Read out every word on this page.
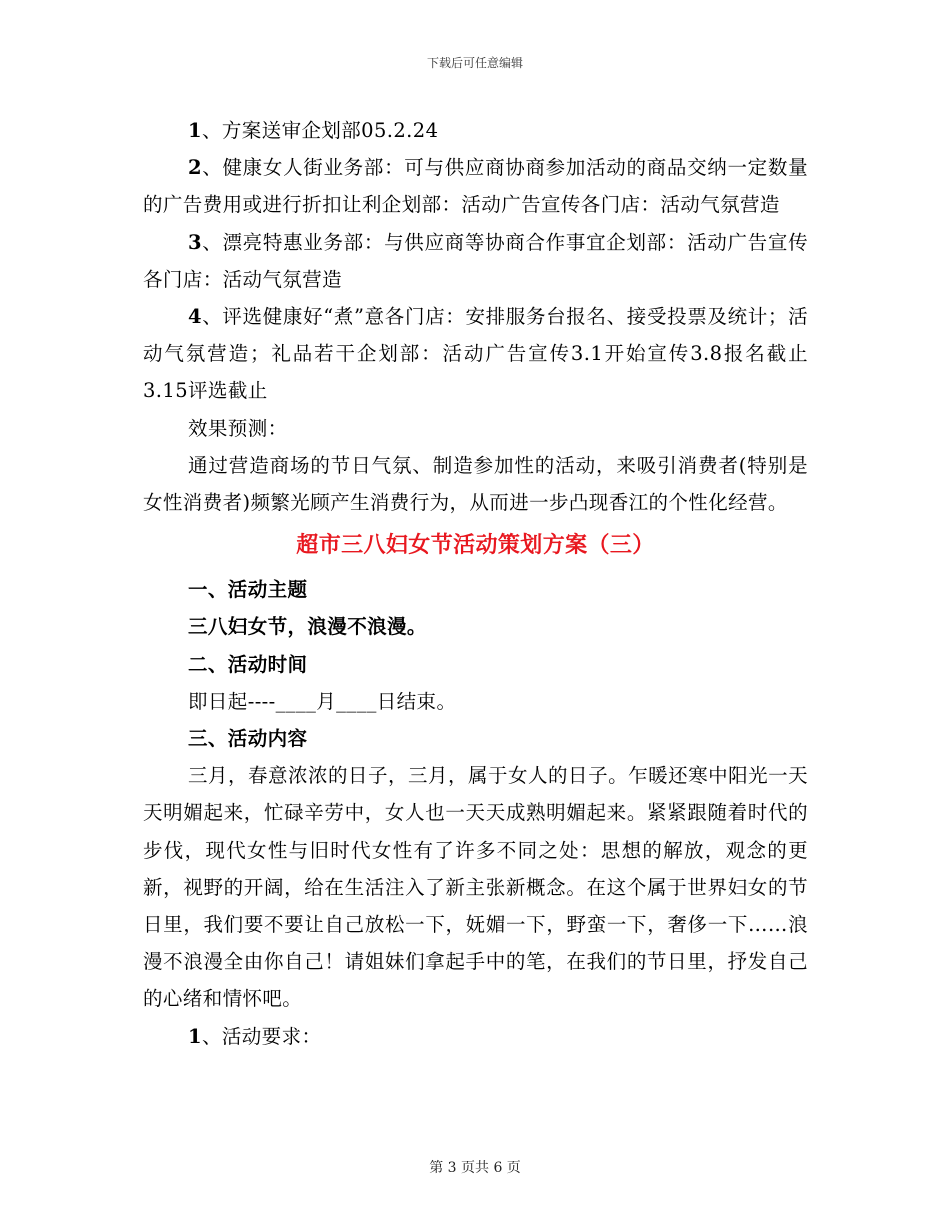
下载后可任意编辑

1、方案送审企划部05.2.24

2、健康女人街业务部：可与供应商协商参加活动的商品交纳一定数量的广告费用或进行折扣让利企划部：活动广告宣传各门店：活动气氛营造

3、漂亮特惠业务部：与供应商等协商合作事宜企划部：活动广告宣传各门店：活动气氛营造

4、评选健康好“煮”意各门店：安排服务台报名、接受投票及统计；活动气氛营造；礼品若干企划部：活动广告宣传3.1开始宣传3.8报名截止3.15评选截止

效果预测：

通过营造商场的节日气氛、制造参加性的活动，来吸引消费者(特别是女性消费者)频繁光顾产生消费行为，从而进一步凸现香江的个性化经营。

超市三八妇女节活动策划方案（三）

一、活动主题

三八妇女节，浪漫不浪漫。

二、活动时间

即日起----____月____日结束。

三、活动内容

三月，春意浓浓的日子，三月，属于女人的日子。乍暖还寒中阳光一天天明媚起来，忙碌辛劳中，女人也一天天成熟明媚起来。紧紧跟随着时代的步伐，现代女性与旧时代女性有了许多不同之处：思想的解放，观念的更新，视野的开阔，给在生活注入了新主张新概念。在这个属于世界妇女的节日里，我们要不要让自己放松一下，妩媚一下，野蛮一下，奢侈一下……浪漫不浪漫全由你自己！请姐妹们拿起手中的笔，在我们的节日里，抒发自己的心绪和情怀吧。

1、活动要求：

第 3 页共 6 页
